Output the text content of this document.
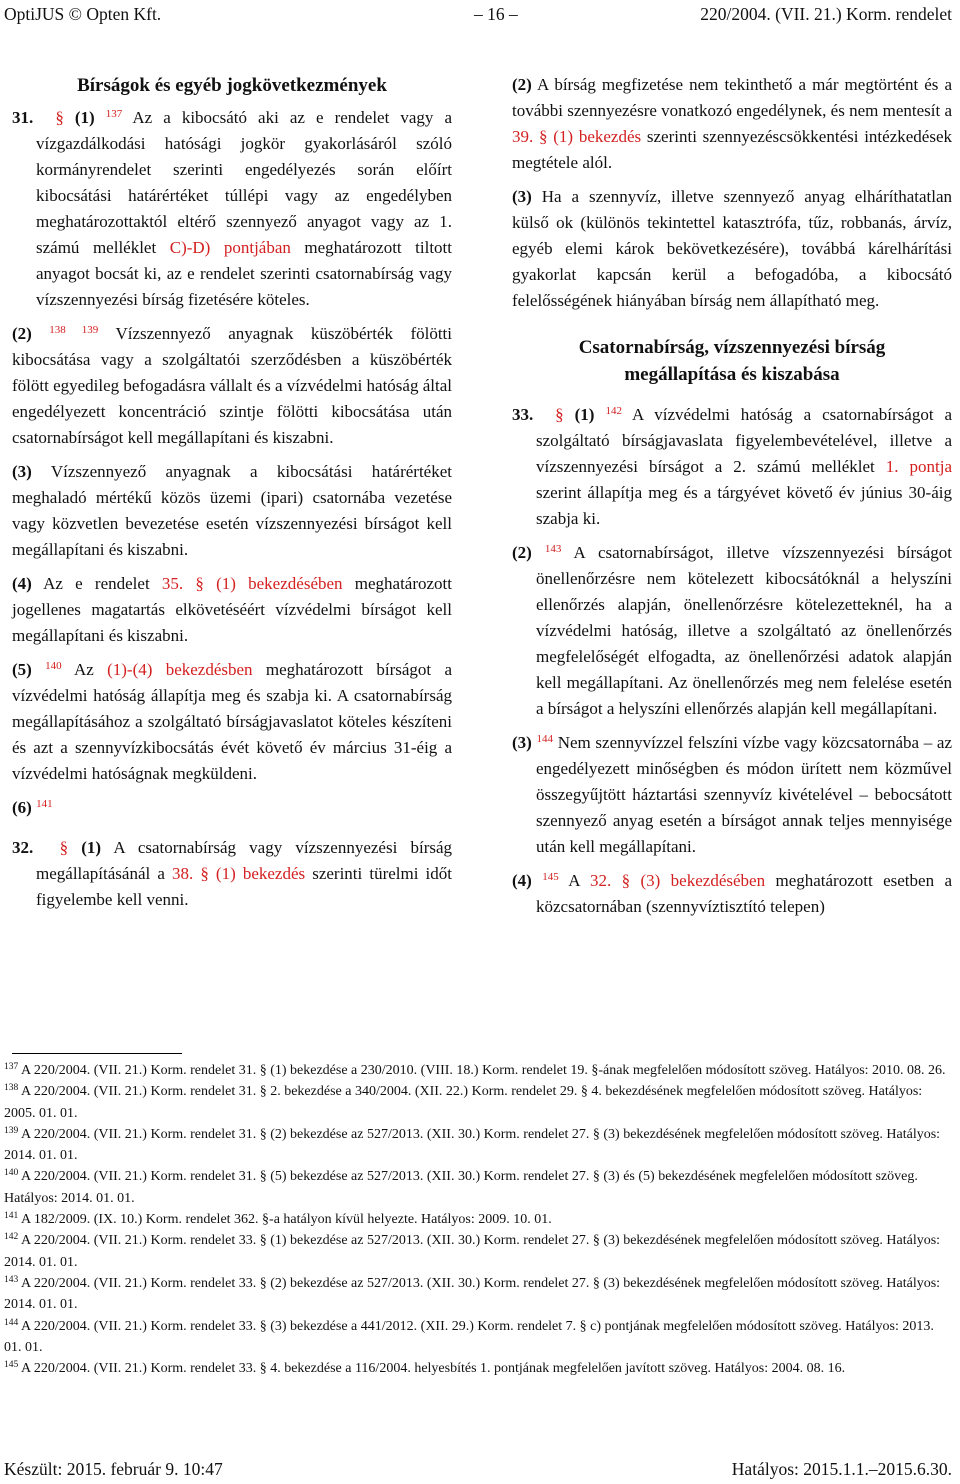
OptiJUS © Opten Kft.	– 16 –	220/2004. (VII. 21.) Korm. rendelet
Bírságok és egyéb jogkövetkezmények

31. § (1) $^{137}$ Az a kibocsátó aki az e rendelet vagy a vízgazdálkodási hatósági jogkör gyakorlásáról szóló kormányrendelet szerinti engedélyezés során előírt kibocsátási határértéket túllépi vagy az engedélyben meghatározottaktól eltérő szennyező anyagot vagy az 1. számú melléklet C)-D) pontjában meghatározott tiltott anyagot bocsát ki, az e rendelet szerinti csatornabírság vagy vízszennyezési bírság fizetésére köteles.

(2) $^{138 139}$ Vízszennyező anyagnak küszöbérték fölötti kibocsátása vagy a szolgáltatói szerződésben a küszöbérték fölött egyedileg befogadásra vállalt és a vízvédelmi hatóság által engedélyezett koncentráció szintje fölötti kibocsátása után csatornabírságot kell megállapítani és kiszabni.

(3) Vízszennyező anyagnak a kibocsátási határértéket meghaladó mértékű közös üzemi (ipari) csatornába vezetése vagy közvetlen bevezetése esetén vízszennyezési bírságot kell megállapítani és kiszabni.

(4) Az e rendelet 35. § (1) bekezdésében meghatározott jogellenes magatartás elkövetéséért vízvédelmi bírságot kell megállapítani és kiszabni.

(5) $^{140}$ Az (1)-(4) bekezdésben meghatározott bírságot a vízvédelmi hatóság állapítja meg és szabja ki. A csatornabírság megállapításához a szolgáltató bírságjavaslatot köteles készíteni és azt a szennyvízkibocsátás évét követő év március 31-éig a vízvédelmi hatóságnak megküldeni.

(6) $^{141}$

32. § (1) A csatornabírság vagy vízszennyezési bírság megállapításánál a 38. § (1) bekezdés szerinti türelmi időt figyelembe kell venni.

(2) A bírság megfizetése nem tekinthető a már megtörtént és a további szennyezésre vonatkozó engedélynek, és nem mentesít a 39. § (1) bekezdés szerinti szennyezéscsökkentési intézkedések megtétele alól.

(3) Ha a szennyvíz, illetve szennyező anyag elháríthatatlan külső ok (különös tekintettel katasztrófa, tűz, robbanás, árvíz, egyéb elemi károk bekövetkezésére), továbbá kárelhárítási gyakorlat kapcsán kerül a befogadóba, a kibocsátó felelősségének hiányában bírság nem állapítható meg.

Csatornabírság, vízszennyezési bírság
megállapítása és kiszabása

33. § (1) $^{142}$ A vízvédelmi hatóság a csatornabírságot a szolgáltató bírságjavaslata figyelembevételével, illetve a vízszennyezési bírságot a 2. számú melléklet 1. pontja szerint állapítja meg és a tárgyévet követő év június 30-áig szabja ki.

(2) $^{143}$ A csatornabírságot, illetve vízszennyezési bírságot önellenőrzésre nem kötelezett kibocsátóknál a helyszíni ellenőrzés alapján, önellenőrzésre kötelezetteknél, ha a vízvédelmi hatóság, illetve a szolgáltató az önellenőrzés megfelelőségét elfogadta, az önellenőrzési adatok alapján kell megállapítani. Az önellenőrzés meg nem felelése esetén a bírságot a helyszíni ellenőrzés alapján kell megállapítani.

(3) $^{144}$ Nem szennyvízzel felszíni vízbe vagy közcsatornába – az engedélyezett minőségben és módon ürített nem közművel összegyűjtött háztartási szennyvíz kivételével – bebocsátott szennyező anyag esetén a bírságot annak teljes mennyisége után kell megállapítani.

(4) $^{145}$ A 32. § (3) bekezdésében meghatározott esetben a közcsatornában (szennyvíztisztító telepen)

$^{137}$ A 220/2004. (VII. 21.) Korm. rendelet 31. § (1) bekezdése a 230/2010. (VIII. 18.) Korm. rendelet 19. §-ának megfelelően módosított szöveg. Hatályos: 2010. 08. 26.

$^{138}$ A 220/2004. (VII. 21.) Korm. rendelet 31. § 2. bekezdése a 340/2004. (XII. 22.) Korm. rendelet 29. § 4. bekezdésének megfelelően módosított szöveg. Hatályos: 2005. 01. 01.

$^{139}$ A 220/2004. (VII. 21.) Korm. rendelet 31. § (2) bekezdése az 527/2013. (XII. 30.) Korm. rendelet 27. § (3) bekezdésének megfelelően módosított szöveg. Hatályos: 2014. 01. 01.

$^{140}$ A 220/2004. (VII. 21.) Korm. rendelet 31. § (5) bekezdése az 527/2013. (XII. 30.) Korm. rendelet 27. § (3) és (5) bekezdésének megfelelően módosított szöveg. Hatályos: 2014. 01. 01.

$^{141}$ A 182/2009. (IX. 10.) Korm. rendelet 362. §-a hatályon kívül helyezte. Hatályos: 2009. 10. 01.

$^{142}$ A 220/2004. (VII. 21.) Korm. rendelet 33. § (1) bekezdése az 527/2013. (XII. 30.) Korm. rendelet 27. § (3) bekezdésének megfelelően módosított szöveg. Hatályos: 2014. 01. 01.

$^{143}$ A 220/2004. (VII. 21.) Korm. rendelet 33. § (2) bekezdése az 527/2013. (XII. 30.) Korm. rendelet 27. § (3) bekezdésének megfelelően módosított szöveg. Hatályos: 2014. 01. 01.

$^{144}$ A 220/2004. (VII. 21.) Korm. rendelet 33. § (3) bekezdése a 441/2012. (XII. 29.) Korm. rendelet 7. § c) pontjának megfelelően módosított szöveg. Hatályos: 2013. 01. 01.

$^{145}$ A 220/2004. (VII. 21.) Korm. rendelet 33. § 4. bekezdése a 116/2004. helyesbítés 1. pontjának megfelelően javított szöveg. Hatályos: 2004. 08. 16.

Készült: 2015. február 9. 10:47	Hatályos: 2015.1.1.–2015.6.30.
